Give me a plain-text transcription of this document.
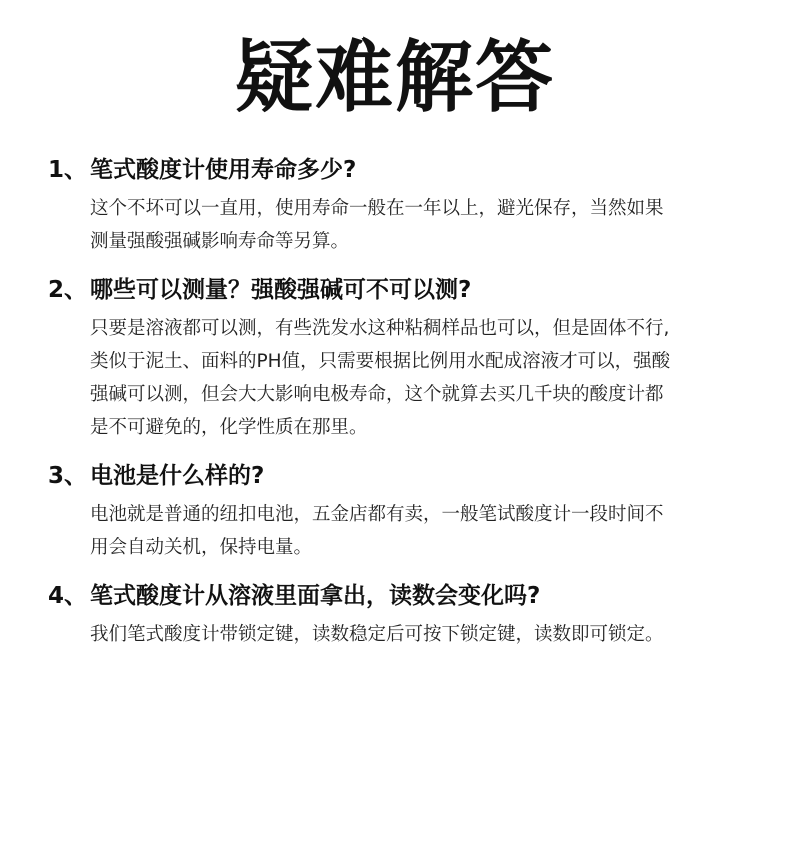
疑难解答
1、 笔式酸度计使用寿命多少?
这个不坏可以一直用，使用寿命一般在一年以上，避光保存，当然如果
测量强酸强碱影响寿命等另算。
2、 哪些可以测量？强酸强碱可不可以测?
只要是溶液都可以测，有些洗发水这种粘稠样品也可以，但是固体不行,
类似于泥土、面料的PH值，只需要根据比例用水配成溶液才可以，强酸
强碱可以测，但会大大影响电极寿命，这个就算去买几千块的酸度计都
是不可避免的，化学性质在那里。
3、 电池是什么样的?
电池就是普通的纽扣电池，五金店都有卖，一般笔试酸度计一段时间不
用会自动关机，保持电量。
4、 笔式酸度计从溶液里面拿出，读数会变化吗?
我们笔式酸度计带锁定键，读数稳定后可按下锁定键，读数即可锁定。
